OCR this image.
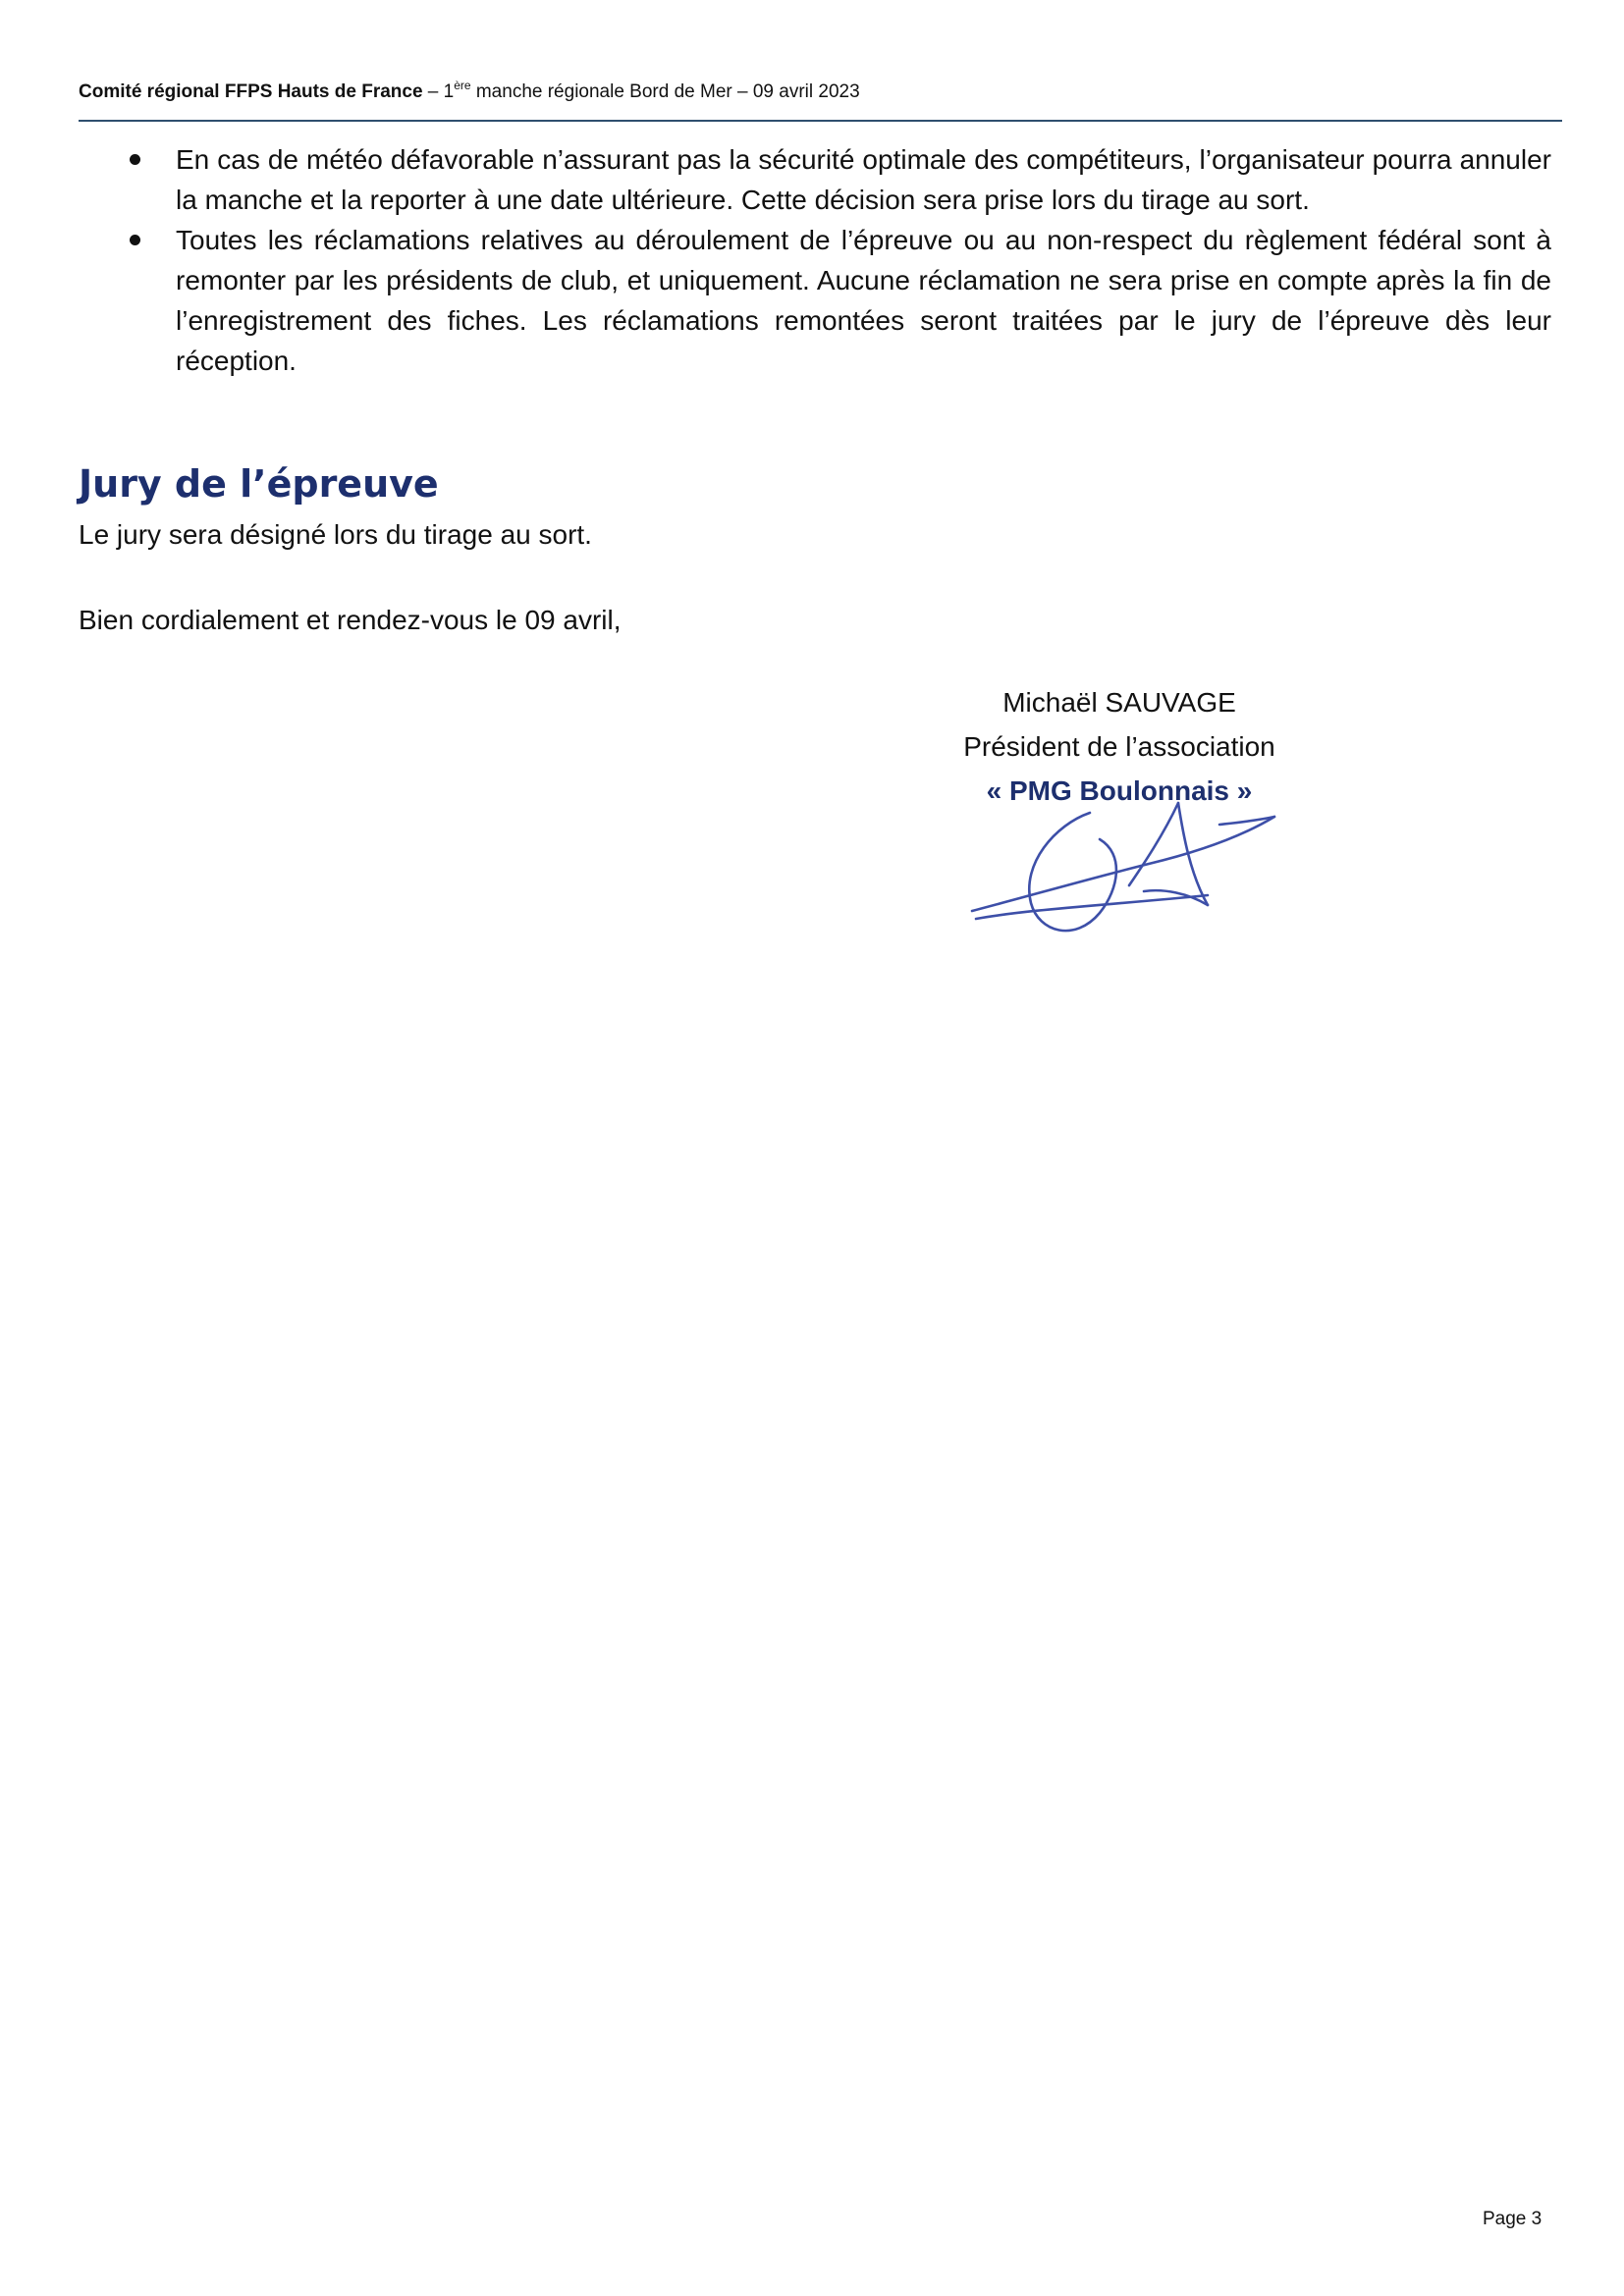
Comité régional FFPS Hauts de France – 1ère manche régionale Bord de Mer – 09 avril 2023
En cas de météo défavorable n’assurant pas la sécurité optimale des compétiteurs, l’organisateur pourra annuler la manche et la reporter à une date ultérieure. Cette décision sera prise lors du tirage au sort.
Toutes les réclamations relatives au déroulement de l’épreuve ou au non-respect du règlement fédéral sont à remonter par les présidents de club, et uniquement. Aucune réclamation ne sera prise en compte après la fin de l’enregistrement des fiches. Les réclamations remontées seront traitées par le jury de l’épreuve dès leur réception.
Jury de l’épreuve
Le jury sera désigné lors du tirage au sort.
Bien cordialement et rendez-vous le 09 avril,
Michaël SAUVAGE
Président de l’association
« PMG Boulonnais »
Page 3
